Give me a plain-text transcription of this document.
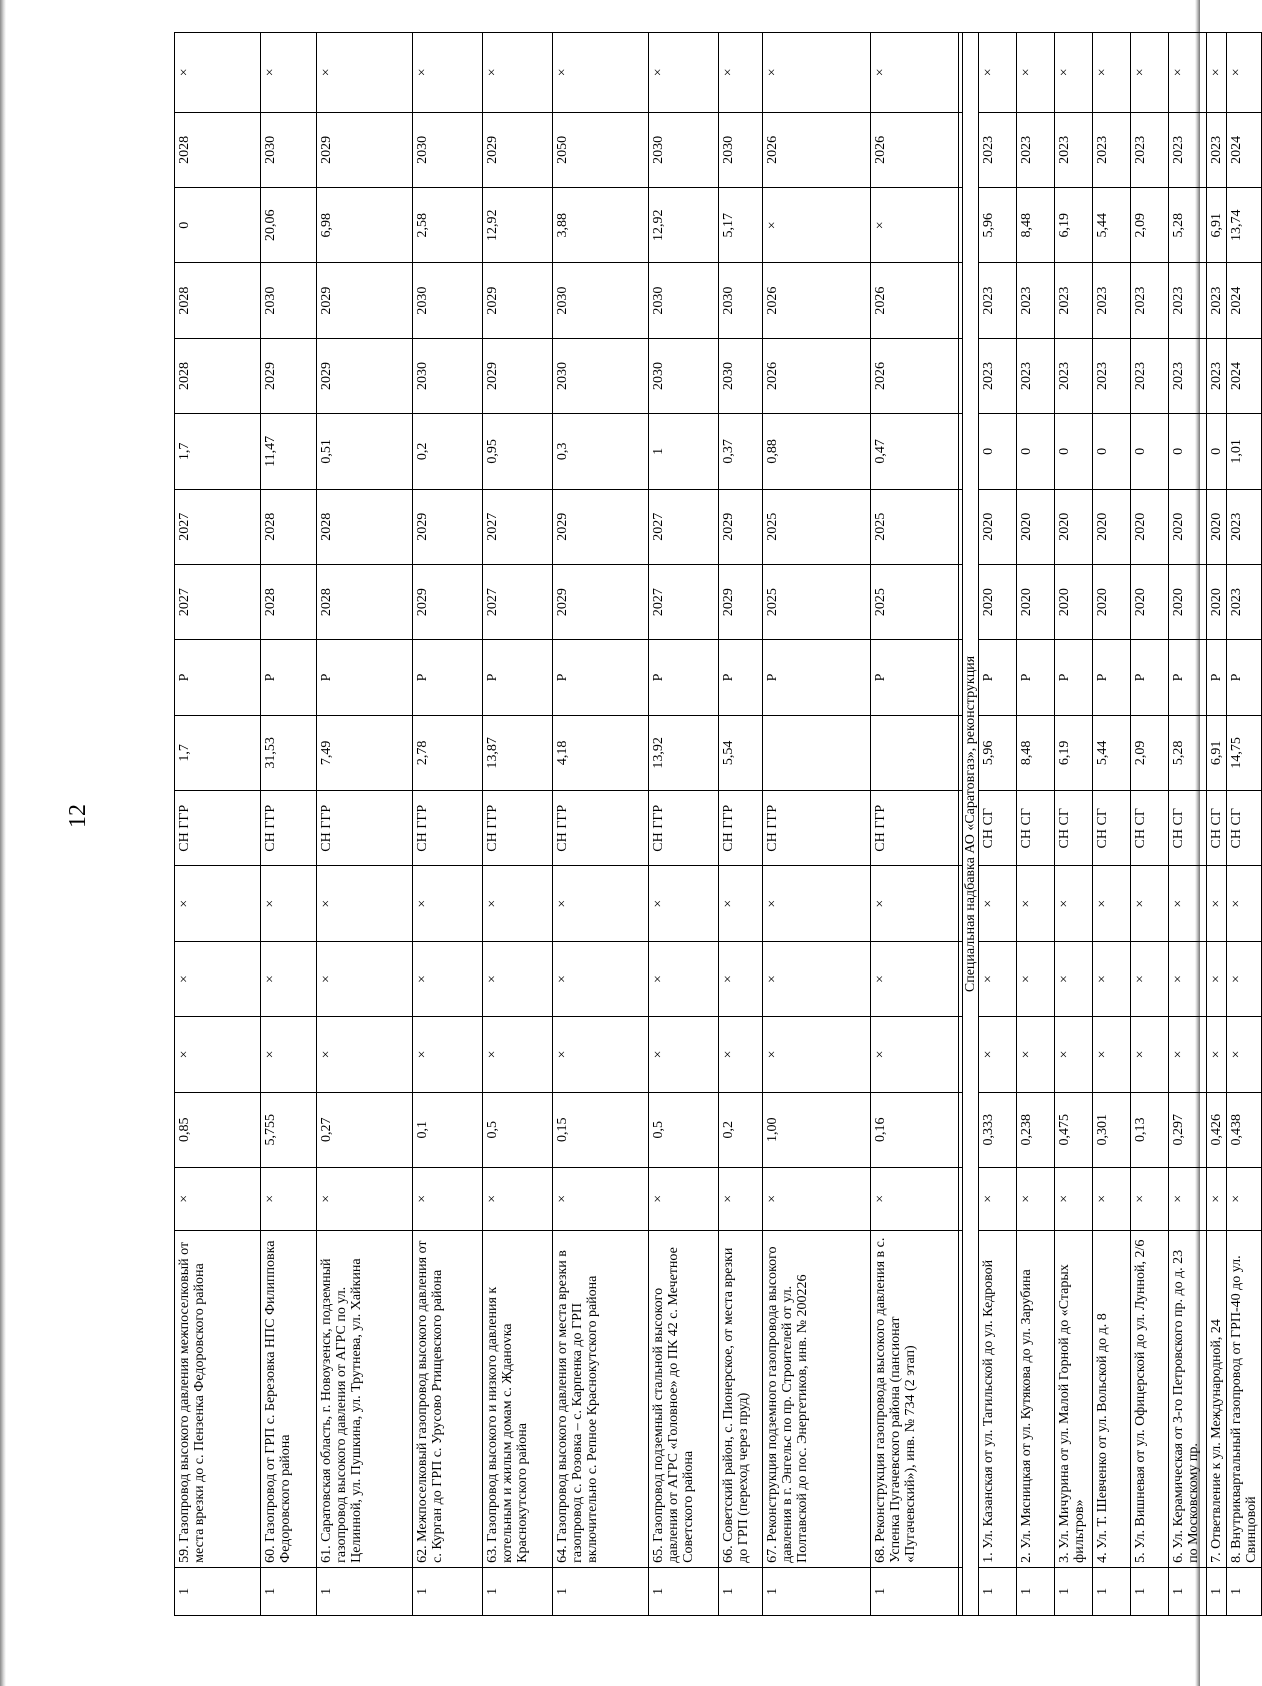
12
1	59. Газопровод высокого давления межпоселковый от места врезки до с. Пензенка Федоровского района	×	0,85	×	×	×	СН ГГР	1,7	Р	2027	2027	1,7	2028	2028	0	2028	×
1	60. Газопровод от ГРП с. Березовка НПС Филипповка Федоровского района	×	5,755	×	×	×	СН ГГР	31,53	Р	2028	2028	11,47	2029	2030	20,06	2030	×
1	61. Саратовская область, г. Новоузенск, подземный газопровод высокого давления от АГРС по ул. Целинной, ул. Пушкина, ул. Трутнева, ул. Хайкина	×	0,27	×	×	×	СН ГГР	7,49	Р	2028	2028	0,51	2029	2029	6,98	2029	×
1	62. Межпоселковый газопровод высокого давления от с. Курган до ГРП с. Урусово Ртищевского района	×	0,1	×	×	×	СН ГГР	2,78	Р	2029	2029	0,2	2030	2030	2,58	2030	×
1	63. Газопровод высокого и низкого давления к котельным и жилым домам с. Жданovка Краснокутского района	×	0,5	×	×	×	СН ГГР	13,87	Р	2027	2027	0,95	2029	2029	12,92	2029	×
1	64. Газопровод высокого давления от места врезки в газопровод с. Розовка – с. Карпенка до ГРП включительно с. Репное Краснокутского района	×	0,15	×	×	×	СН ГГР	4,18	Р	2029	2029	0,3	2030	2030	3,88	2050	×
1	65. Газопровод подземный стальной высокого давления от АГРС «Головное» до ПК 42 с. Мечетное Советского района	×	0,5	×	×	×	СН ГГР	13,92	Р	2027	2027	1	2030	2030	12,92	2030	×
1	66. Советский район, с. Пионерское, от места врезки до ГРП (переход через пруд)	×	0,2	×	×	×	СН ГГР	5,54	Р	2029	2029	0,37	2030	2030	5,17	2030	×
1	67. Реконструкция подземного газопровода высокого давления в г. Энгельс по пр. Строителей от ул. Полтавской до пос. Энергетиков, инв. № 200226	×	1,00	×	×	×	СН ГГР		Р	2025	2025	0,88	2026	2026	×	2026	×
1	68. Реконструкция газопровода высокого давления в с. Успенка Пугачевского района (пансионат «Пугачевский»), инв. № 734 (2 этап)	×	0,16	×	×	×	СН ГГР		Р	2025	2025	0,47	2026	2026	×	2026	×

Специальная надбавка АО «Саратовгаз», реконструкция																	
1	1. Ул. Казанская от ул. Тагильской до ул. Кедровой	×	0,333	×	×	×	СН СГ	5,96	Р	2020	2020	0	2023	2023	5,96	2023	×
1	2. Ул. Мясницкая от ул. Кутякова до ул. Зарубина	×	0,238	×	×	×	СН СГ	8,48	Р	2020	2020	0	2023	2023	8,48	2023	×
1	3. Ул. Мичурина от ул. Малой Горной до «Старых фильтров»	×	0,475	×	×	×	СН СГ	6,19	Р	2020	2020	0	2023	2023	6,19	2023	×
1	4. Ул. Т. Шевченко от ул. Вольской до д. 8	×	0,301	×	×	×	СН СГ	5,44	Р	2020	2020	0	2023	2023	5,44	2023	×
1	5. Ул. Вишневая от ул. Офицерской до ул. Лунной, 2/6	×	0,13	×	×	×	СН СГ	2,09	Р	2020	2020	0	2023	2023	2,09	2023	×
1	6. Ул. Керамическая от 3-го Петровского пр. до д. 23 по Московскому пр.	×	0,297	×	×	×	СН СГ	5,28	Р	2020	2020	0	2023	2023	5,28	2023	×
1	7. Ответвление к ул. Международной, 24	×	0,426	×	×	×	СН СГ	6,91	Р	2020	2020	0	2023	2023	6,91	2023	×
1	8. Внутриквартальный газопровод от ГРП-40 до ул. Свинцовой	×	0,438	×	×	×	СН СГ	14,75	Р	2023	2023	1,01	2024	2024	13,74	2024	×
